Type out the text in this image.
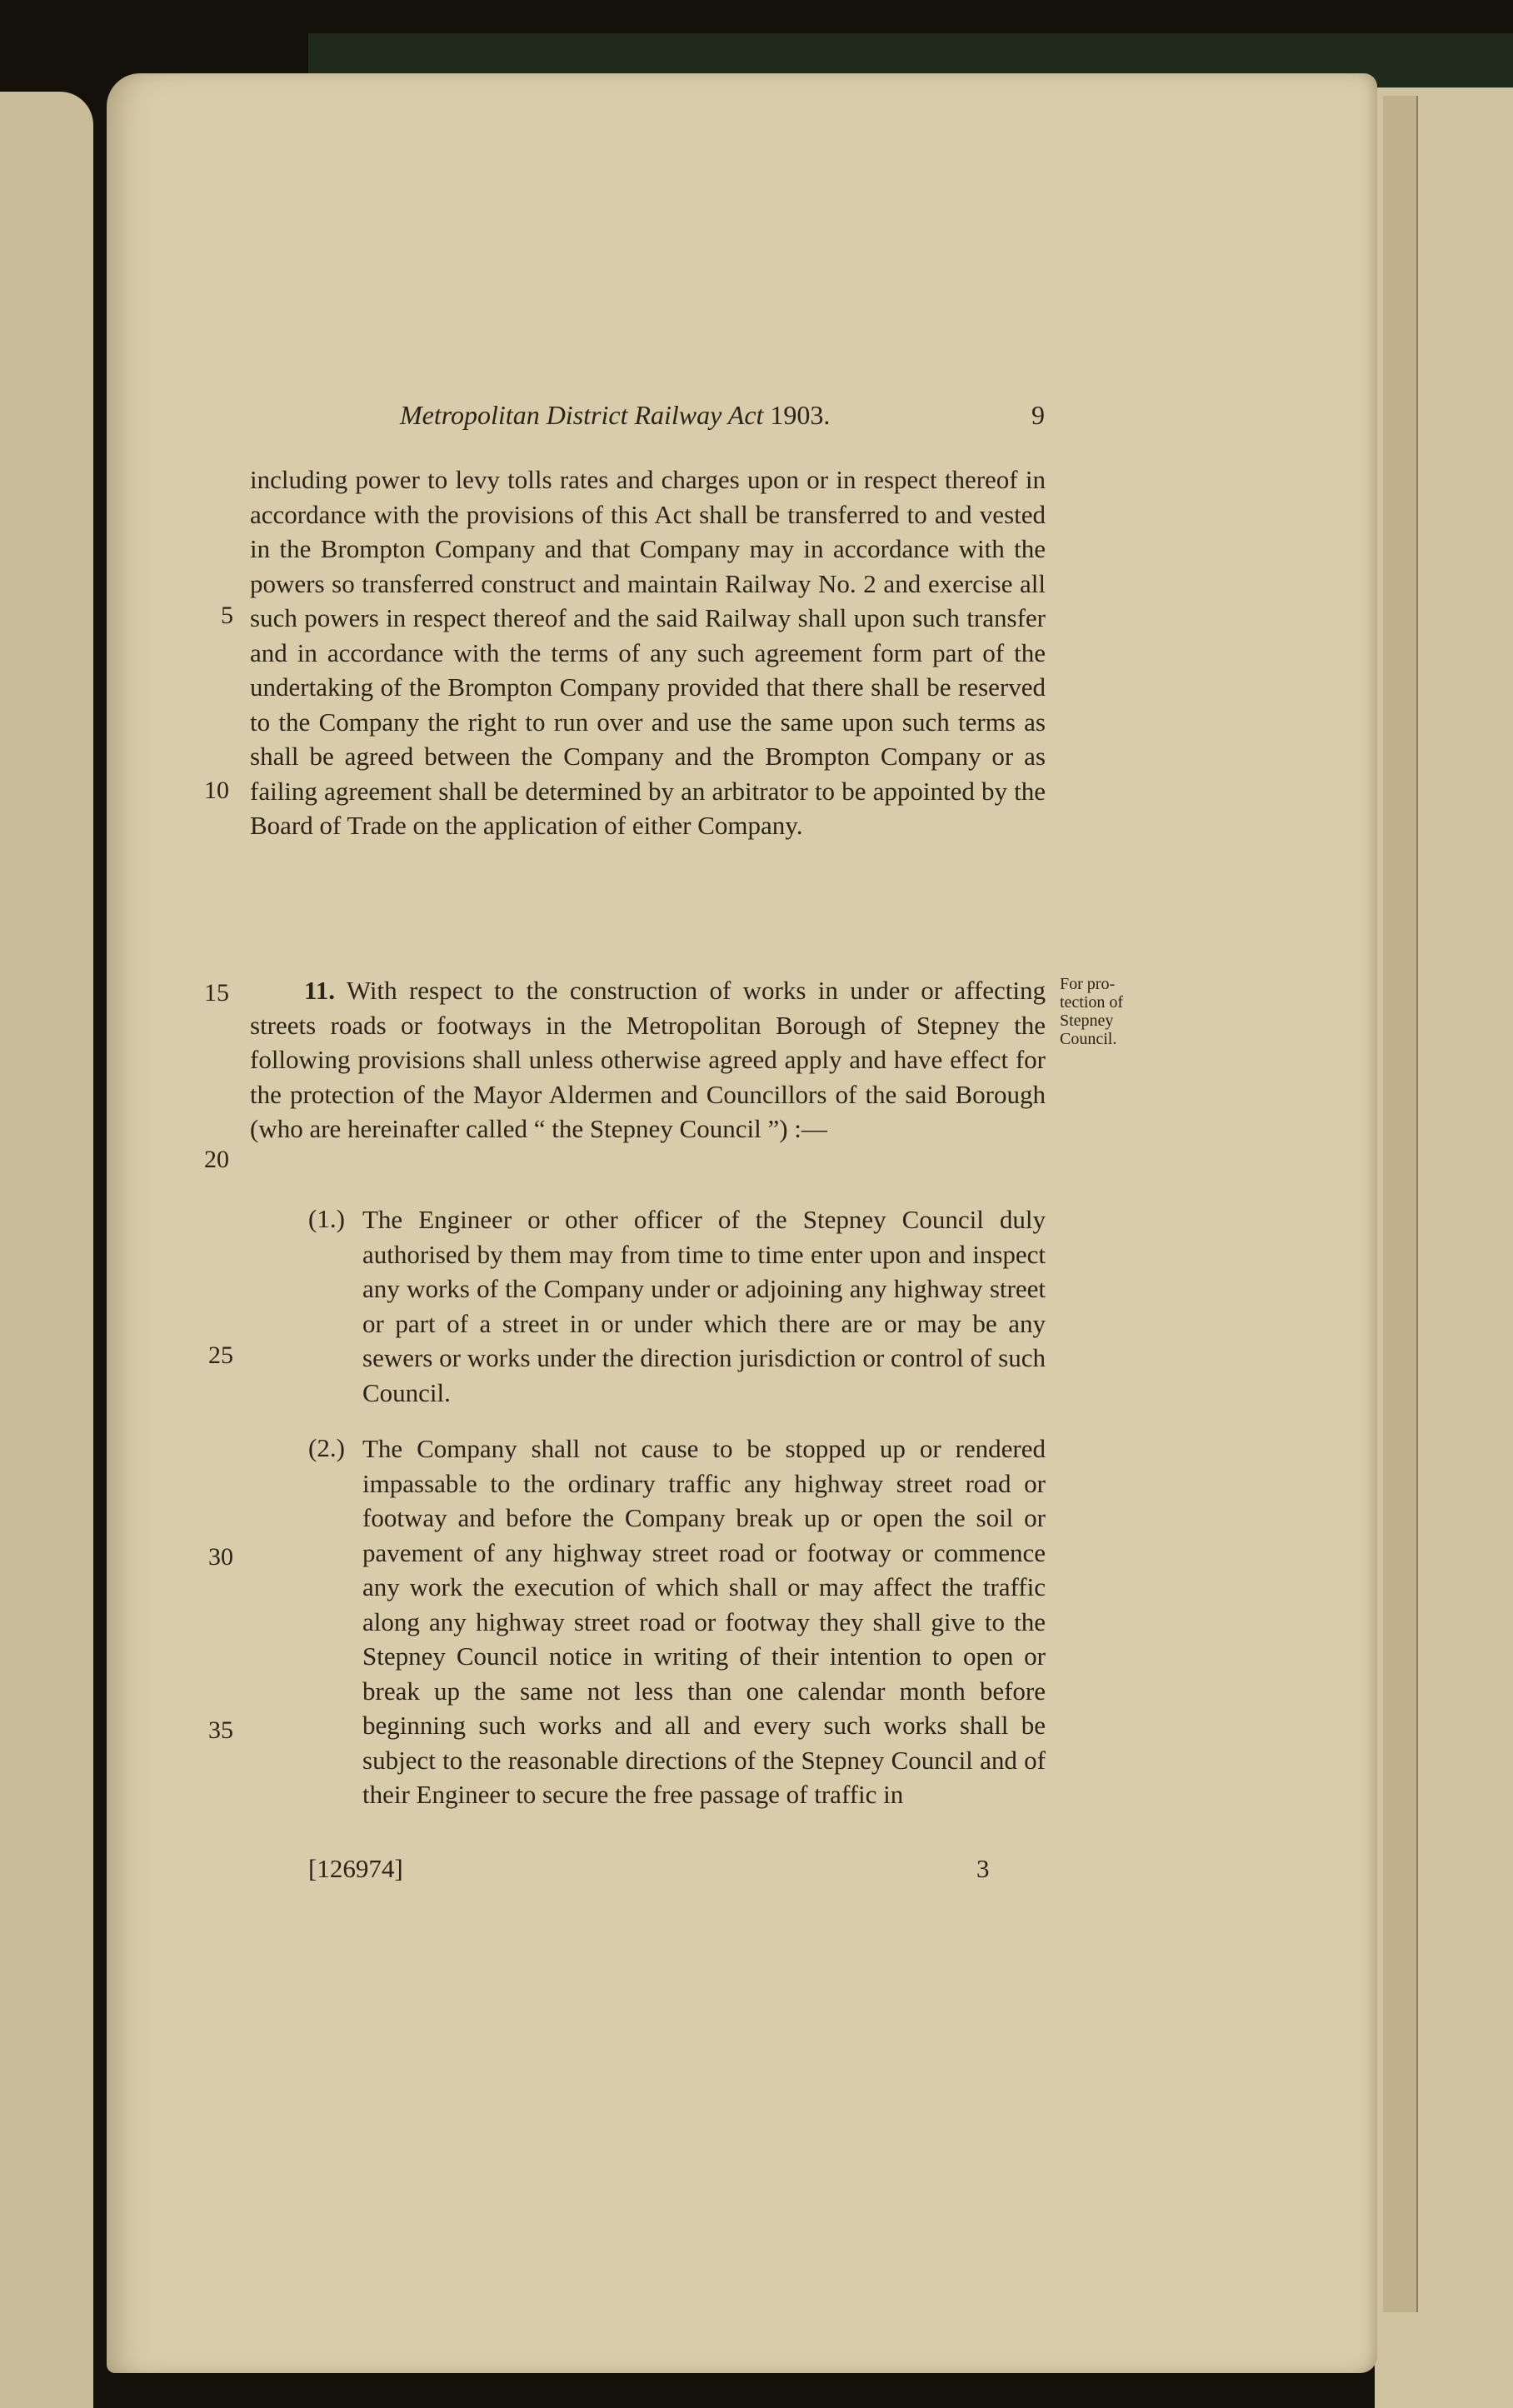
Metropolitan District Railway Act 1903.	9
including power to levy tolls rates and charges upon or in respect thereof in accordance with the provisions of this Act shall be transferred to and vested in the Brompton Company and that Company may in accordance with the powers so transferred construct and maintain Railway No. 2 and exercise all such powers in respect thereof and the said Railway shall upon such transfer and in accordance with the terms of any such agreement form part of the undertaking of the Brompton Company provided that there shall be reserved to the Company the right to run over and use the same upon such terms as shall be agreed between the Company and the Brompton Company or as failing agreement shall be determined by an arbitrator to be appointed by the Board of Trade on the application of either Company.
5
10
15
20
25
30
35
11. With respect to the construction of works in under or affecting streets roads or footways in the Metropolitan Borough of Stepney the following provisions shall unless otherwise agreed apply and have effect for the protection of the Mayor Aldermen and Councillors of the said Borough (who are hereinafter called “ the Stepney Council ”) :—
For pro-tection of Stepney Council.
(1.) The Engineer or other officer of the Stepney Council duly authorised by them may from time to time enter upon and inspect any works of the Company under or adjoining any highway street or part of a street in or under which there are or may be any sewers or works under the direction jurisdiction or control of such Council.
(2.) The Company shall not cause to be stopped up or rendered impassable to the ordinary traffic any highway street road or footway and before the Company break up or open the soil or pavement of any highway street road or footway or commence any work the execution of which shall or may affect the traffic along any highway street road or footway they shall give to the Stepney Council notice in writing of their intention to open or break up the same not less than one calendar month before beginning such works and all and every such works shall be subject to the reasonable directions of the Stepney Council and of their Engineer to secure the free passage of traffic in
[126974]	3
